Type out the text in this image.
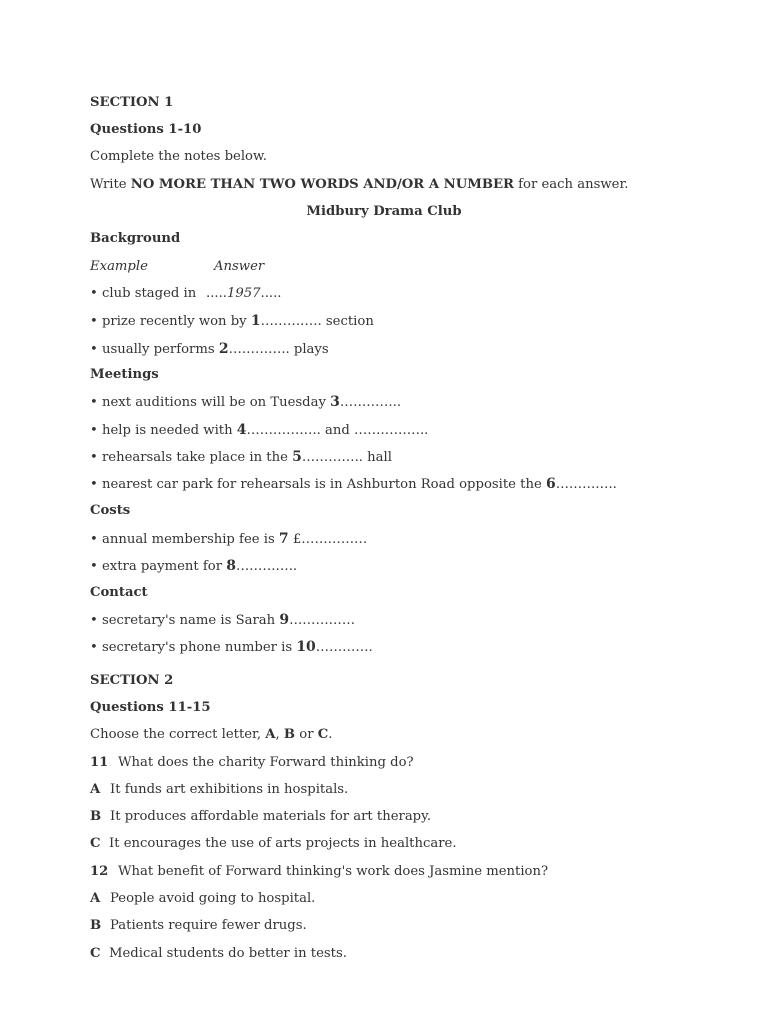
SECTION 1
Questions 1-10
Complete the notes below.
Write NO MORE THAN TWO WORDS AND/OR A NUMBER for each answer.
Midbury Drama Club
Background
Example	Answer
• club staged in .....1957.....
• prize recently won by 1……….…. section
• usually performs 2………….. plays
Meetings
• next auditions will be on Tuesday 3…………..
• help is needed with 4…………….. and ……………..
• rehearsals take place in the 5………….. hall
• nearest car park for rehearsals is in Ashburton Road opposite the 6…………..
Costs
• annual membership fee is 7 £……………
• extra payment for 8…………..
Contact
• secretary's name is Sarah 9……………
• secretary's phone number is 10………….
SECTION 2
Questions 11-15
Choose the correct letter, A, B or C.
11 What does the charity Forward thinking do?
A It funds art exhibitions in hospitals.
B It produces affordable materials for art therapy.
C It encourages the use of arts projects in healthcare.
12 What benefit of Forward thinking's work does Jasmine mention?
A People avoid going to hospital.
B Patients require fewer drugs.
C Medical students do better in tests.
